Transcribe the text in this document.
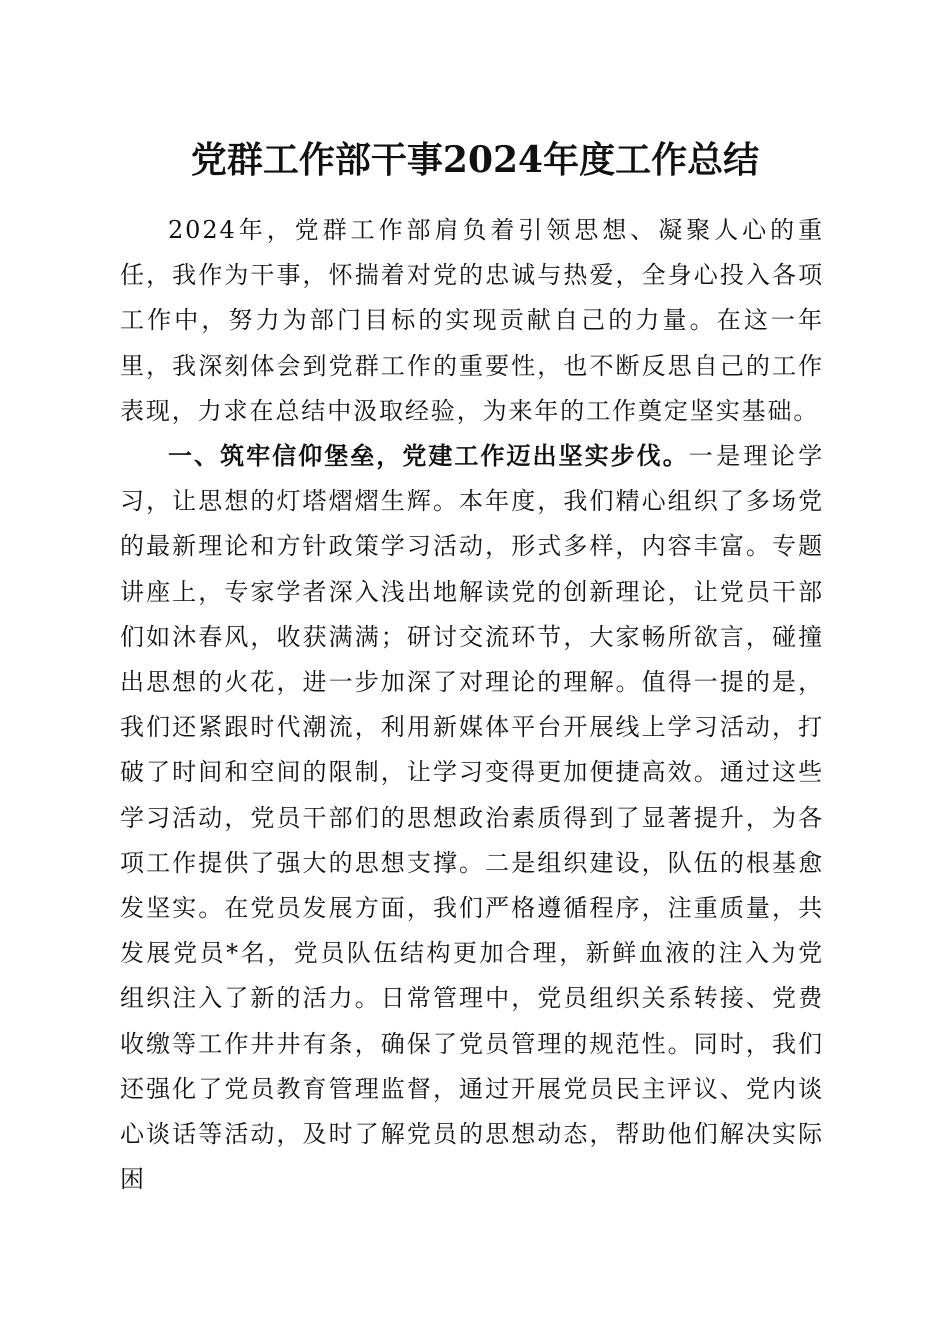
党群工作部干事2024年度工作总结

2024年，党群工作部肩负着引领思想、凝聚人心的重任，我作为干事，怀揣着对党的忠诚与热爱，全身心投入各项工作中，努力为部门目标的实现贡献自己的力量。在这一年里，我深刻体会到党群工作的重要性，也不断反思自己的工作表现，力求在总结中汲取经验，为来年的工作奠定坚实基础。

一、筑牢信仰堡垒，党建工作迈出坚实步伐。一是理论学习，让思想的灯塔熠熠生辉。本年度，我们精心组织了多场党的最新理论和方针政策学习活动，形式多样，内容丰富。专题讲座上，专家学者深入浅出地解读党的创新理论，让党员干部们如沐春风，收获满满；研讨交流环节，大家畅所欲言，碰撞出思想的火花，进一步加深了对理论的理解。值得一提的是，我们还紧跟时代潮流，利用新媒体平台开展线上学习活动，打破了时间和空间的限制，让学习变得更加便捷高效。通过这些学习活动，党员干部们的思想政治素质得到了显著提升，为各项工作提供了强大的思想支撑。二是组织建设，队伍的根基愈发坚实。在党员发展方面，我们严格遵循程序，注重质量，共发展党员*名，党员队伍结构更加合理，新鲜血液的注入为党组织注入了新的活力。日常管理中，党员组织关系转接、党费收缴等工作井井有条，确保了党员管理的规范性。同时，我们还强化了党员教育管理监督，通过开展党员民主评议、党内谈心谈话等活动，及时了解党员的思想动态，帮助他们解决实际困
